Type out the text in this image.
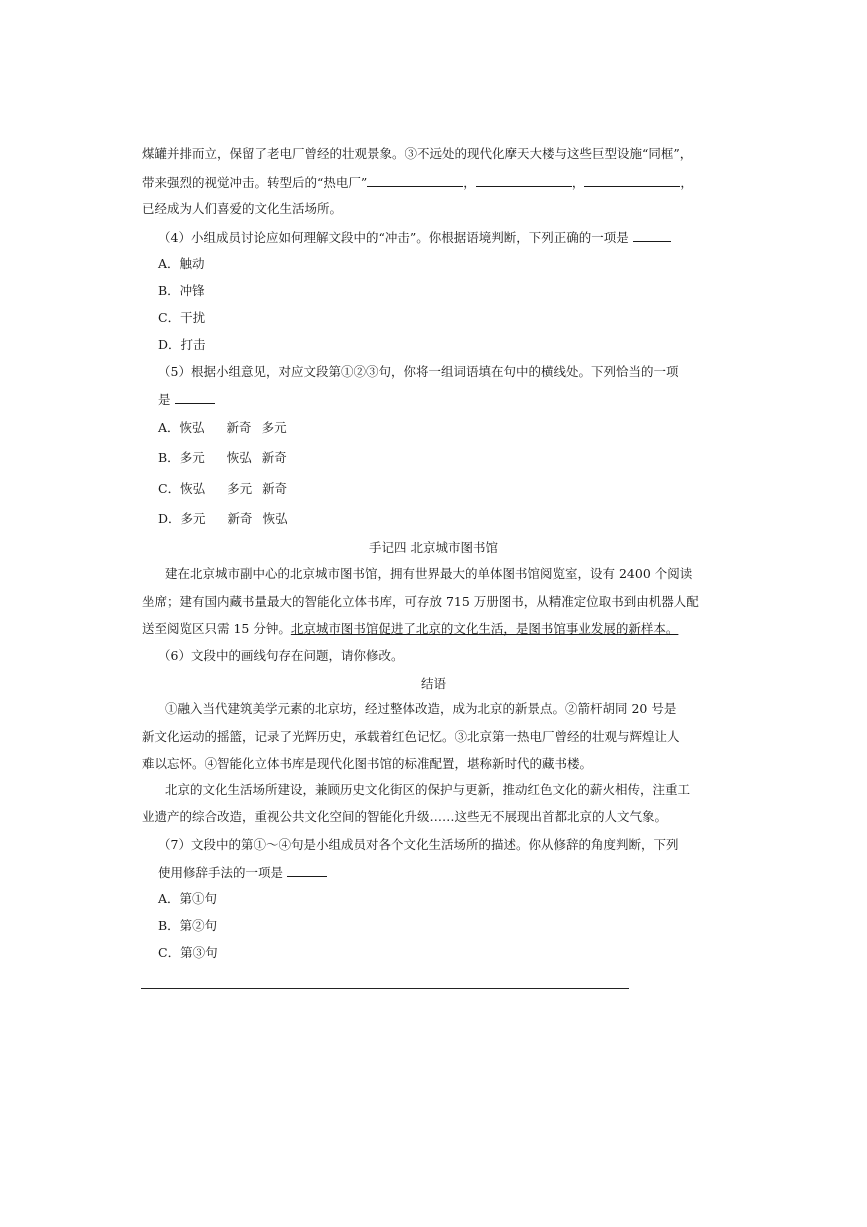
煤罐并排而立，保留了老电厂曾经的壮观景象。③不远处的现代化摩天大楼与这些巨型设施“同框”，
带来强烈的视觉冲击。转型后的“热电厂”	，	，	，
已经成为人们喜爱的文化生活场所。
（4）小组成员讨论应如何理解文段中的“冲击”。你根据语境判断，下列正确的一项是
A．触动
B．冲锋
C．干扰
D．打击
（5）根据小组意见，对应文段第①②③句，你将一组词语填在句中的横线处。下列恰当的一项
是
A．恢弘 新奇 多元
B．多元 恢弘 新奇
C．恢弘 多元 新奇
D．多元 新奇 恢弘
手记四 北京城市图书馆
建在北京城市副中心的北京城市图书馆，拥有世界最大的单体图书馆阅览室，设有 2400 个阅读
坐席；建有国内藏书量最大的智能化立体书库，可存放 715 万册图书，从精准定位取书到由机器人配
送至阅览区只需 15 分钟。北京城市图书馆促进了北京的文化生活，是图书馆事业发展的新样本。
（6）文段中的画线句存在问题，请你修改。
结语
①融入当代建筑美学元素的北京坊，经过整体改造，成为北京的新景点。②箭杆胡同 20 号是
新文化运动的摇篮，记录了光辉历史，承载着红色记忆。③北京第一热电厂曾经的壮观与辉煌让人
难以忘怀。④智能化立体书库是现代化图书馆的标准配置，堪称新时代的藏书楼。
北京的文化生活场所建设，兼顾历史文化街区的保护与更新，推动红色文化的薪火相传，注重工
业遗产的综合改造，重视公共文化空间的智能化升级……这些无不展现出首都北京的人文气象。
（7）文段中的第①～④句是小组成员对各个文化生活场所的描述。你从修辞的角度判断，下列
使用修辞手法的一项是
A．第①句
B．第②句
C．第③句
